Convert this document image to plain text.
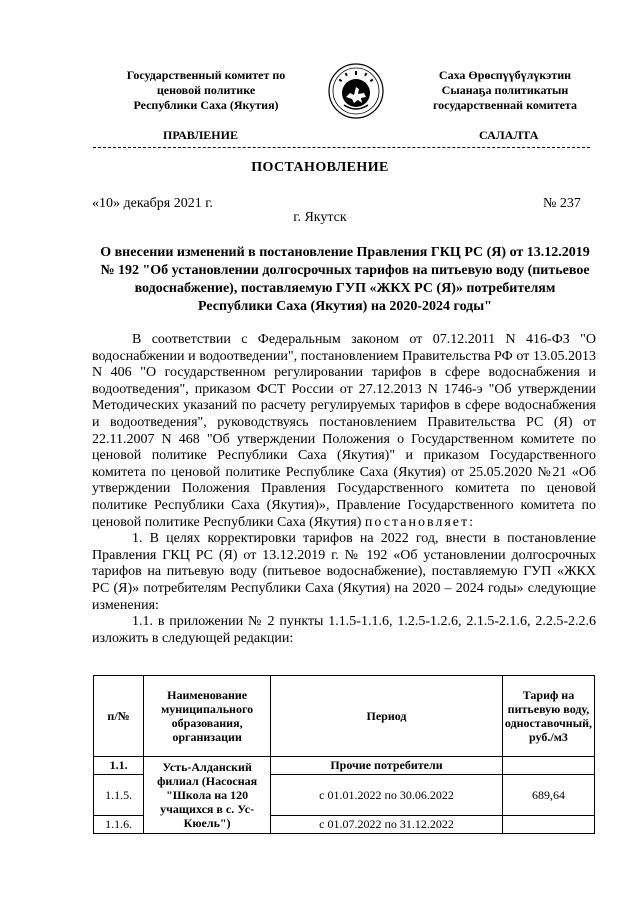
Государственный комитет по
ценовой политике
Республики Саха (Якутия)
Саха Өрөспүүбүлүкэтин
Сыанаҕа политикатын
государственнай комитета
ПРАВЛЕНИЕ	САЛАЛТА
ПОСТАНОВЛЕНИЕ
«10» декабря 2021 г.	№ 237
г. Якутск
О внесении изменений в постановление Правления ГКЦ РС (Я) от 13.12.2019 № 192 "Об установлении долгосрочных тарифов на питьевую воду (питьевое водоснабжение), поставляемую ГУП «ЖКХ РС (Я)» потребителям Республики Саха (Якутия) на 2020-2024 годы"

В соответствии с Федеральным законом от 07.12.2011 N 416-ФЗ "О водоснабжении и водоотведении", постановлением Правительства РФ от 13.05.2013 N 406 "О государственном регулировании тарифов в сфере водоснабжения и водоотведения", приказом ФСТ России от 27.12.2013 N 1746-э "Об утверждении Методических указаний по расчету регулируемых тарифов в сфере водоснабжения и водоотведения", руководствуясь постановлением Правительства РС (Я) от 22.11.2007 N 468 "Об утверждении Положения о Государственном комитете по ценовой политике Республики Саха (Якутия)" и приказом Государственного комитета по ценовой политике Республике Саха (Якутия) от 25.05.2020 №21 «Об утверждении Положения Правления Государственного комитета по ценовой политике Республики Саха (Якутия)», Правление Государственного комитета по ценовой политике Республики Саха (Якутия) постановляет:

1. В целях корректировки тарифов на 2022 год, внести в постановление Правления ГКЦ РС (Я) от 13.12.2019 г. № 192 «Об установлении долгосрочных тарифов на питьевую воду (питьевое водоснабжение), поставляемую ГУП «ЖКХ РС (Я)» потребителям Республики Саха (Якутия) на 2020 – 2024 годы» следующие изменения:

1.1. в приложении № 2 пункты 1.1.5-1.1.6, 1.2.5-1.2.6, 2.1.5-2.1.6, 2.2.5-2.2.6 изложить в следующей редакции:

п/№	Наименование муниципального образования, организации	Период	Тариф на питьевую воду, одноставочный, руб./м3
1.1.	Усть-Алданский филиал (Насосная "Школа на 120 учащихся в с. Ус-Кюель")	Прочие потребители	
1.1.5.		с 01.01.2022 по 30.06.2022	689,64
1.1.6.		с 01.07.2022 по 31.12.2022	
